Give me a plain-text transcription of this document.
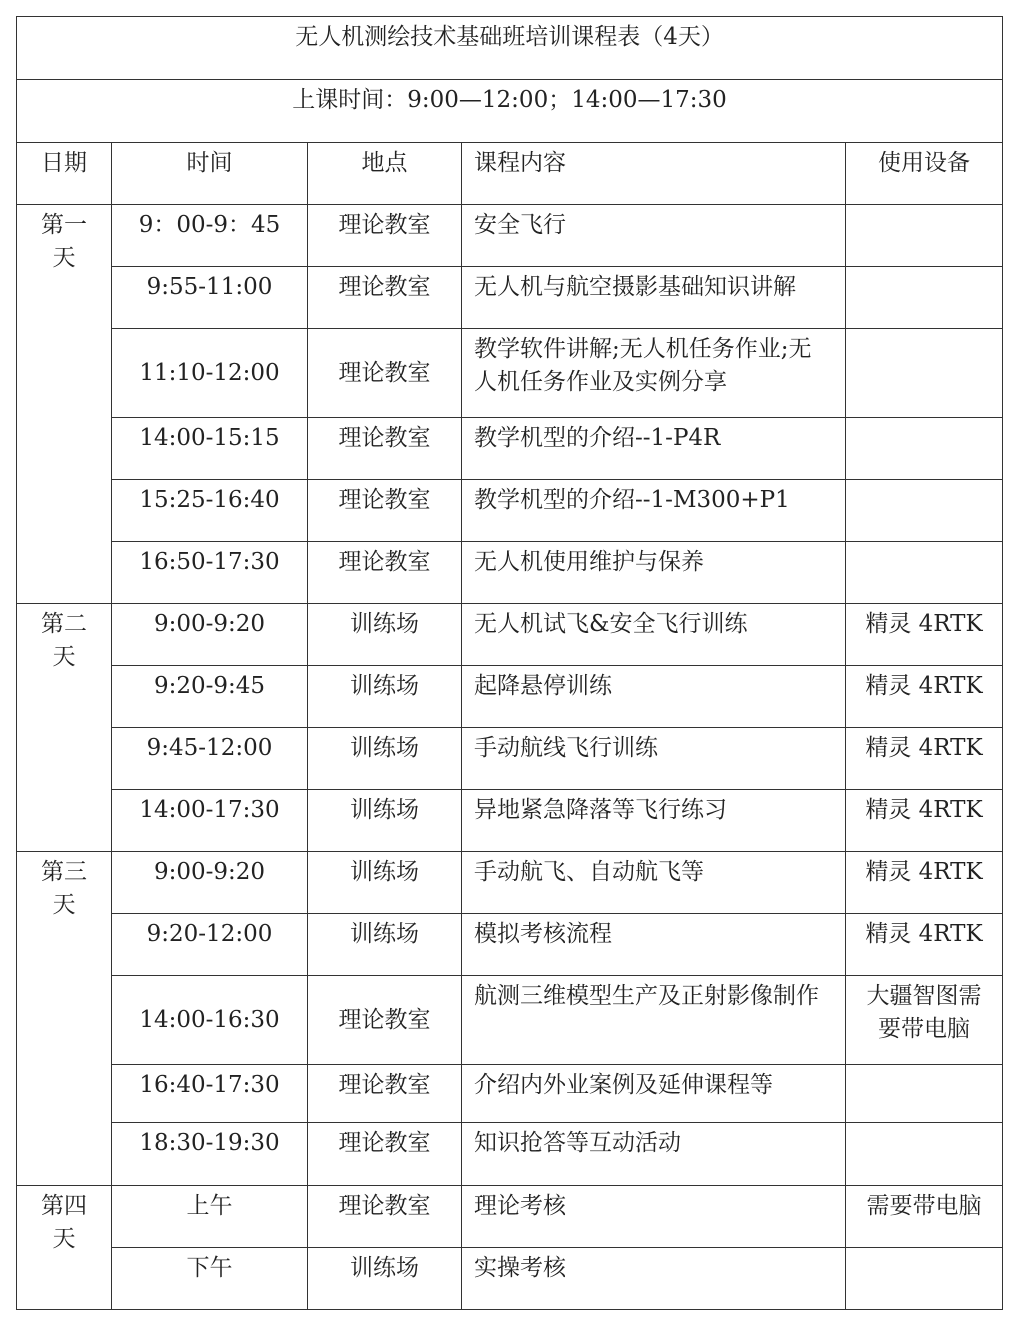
无人机测绘技术基础班培训课程表（4天）				
上课时间：9:00—12:00；14:00—17:30				
日期	时间	地点	课程内容	使用设备

第一天	9：00-9：45	理论教室	安全飞行	
	9:55-11:00	理论教室	无人机与航空摄影基础知识讲解	
	11:10-12:00	理论教室	教学软件讲解;无人机任务作业;无人机任务作业及实例分享	
	14:00-15:15	理论教室	教学机型的介绍--1-P4R	
	15:25-16:40	理论教室	教学机型的介绍--1-M300+P1	
	16:50-17:30	理论教室	无人机使用维护与保养	

第二天	9:00-9:20	训练场	无人机试飞&安全飞行训练	精灵 4RTK
	9:20-9:45	训练场	起降悬停训练	精灵 4RTK
	9:45-12:00	训练场	手动航线飞行训练	精灵 4RTK
	14:00-17:30	训练场	异地紧急降落等飞行练习	精灵 4RTK

第三天	9:00-9:20	训练场	手动航飞、自动航飞等	精灵 4RTK
	9:20-12:00	训练场	模拟考核流程	精灵 4RTK
	14:00-16:30	理论教室	航测三维模型生产及正射影像制作	大疆智图需要带电脑
	16:40-17:30	理论教室	介绍内外业案例及延伸课程等	
	18:30-19:30	理论教室	知识抢答等互动活动	

第四天	上午	理论教室	理论考核	需要带电脑
	下午	训练场	实操考核	
